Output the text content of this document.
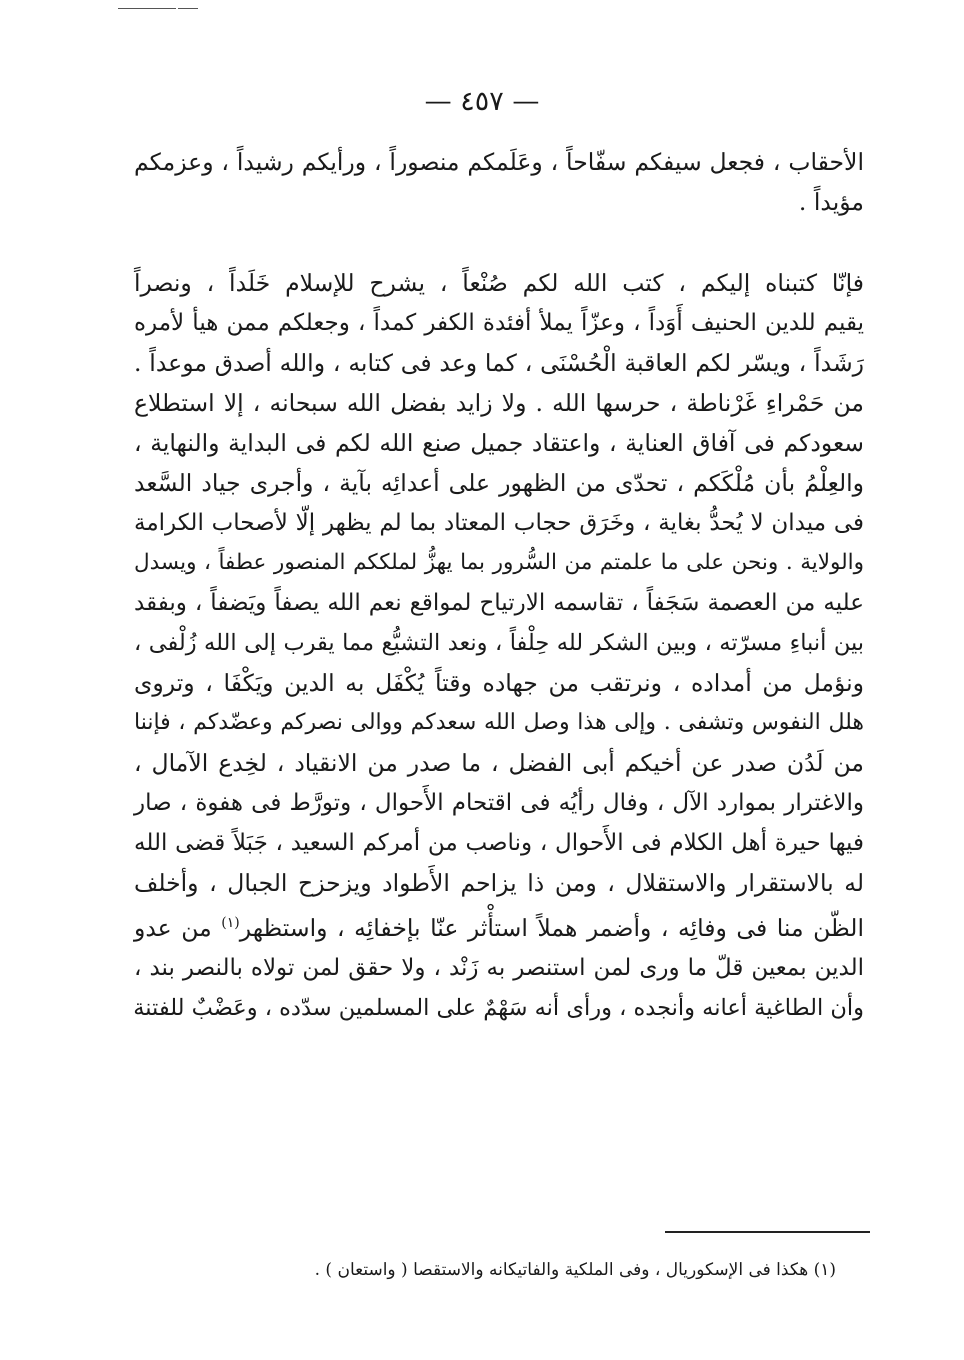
— ٤٥٧ —
الأحقاب ، فجعل سيفكم سفّاحاً ، وعَلَمكم منصوراً ، ورأيكم رشيداً ، وعزمكم
مؤيداً .
فإنّا كتبناه إليكم ، كتب الله لكم صُنْعاً ، يشرح للإسلام خَلَداً ، ونصراً
يقيم للدين الحنيف أَوَداً ، وعزّاً يملأ أفئدة الكفر كمداً ، وجعلكم ممن هيأ لأمره
رَشَداً ، ويسّر لكم العاقبة الْحُسْنَى ، كما وعد فى كتابه ، والله أصدق موعداً .
من حَمْراءِ غَرْناطة ، حرسها الله . ولا زايد بفضل الله سبحانه ، إلا استطلاع
سعودكم فى آفاق العناية ، واعتقاد جميل صنع الله لكم فى البداية والنهاية ،
والعِلْمُ بأن مُلْكَكم ، تحدّى من الظهور على أعدائِه بآية ، وأجرى جياد السَّعد
فى ميدان لا يُحدُّ بغاية ، وخَرَق حجاب المعتاد بما لم يظهر إلّا لأصحاب الكرامة
والولاية . ونحن على ما علمتم من السُّرور بما يهزُّ لملككم المنصور عطفاً ، ويسدل
عليه من العصمة سَجَفاً ، تقاسمه الارتياح لمواقع نعم الله يصفاً ويَضفاً ، وبفقد
بين أنباءِ مسرّته ، وبين الشكر لله حِلْفاً ، ونعد التشيُّع مما يقرب إلى الله زُلْفى ،
ونؤمل من أمداده ، ونرتقب من جهاده وقتاً يُكْفَل به الدين ويَكْفَا ، وتروى
هلل النفوس وتشفى . وإلى هذا وصل الله سعدكم ووالى نصركم وعضّدكم ، فإننا
من لَدُن صدر عن أخيكم أبى الفضل ، ما صدر من الانقياد ، لخِدع الآمال ،
والاغترار بموارد الآل ، وفال رأيُه فى اقتحام الأَحوال ، وتورَّط فى هفوة ، صار
فيها حيرة أهل الكلام فى الأَحوال ، وناصب من أمركم السعيد ، جَبَلاً قضى الله
له بالاستقرار والاستقلال ، ومن ذا يزاحم الأَطواد ويزحزح الجبال ، وأخلف
الظّن منا فى وفائِه ، وأضمر هملاً استأْثر عنّا بإخفائِه ، واستظهر$^{(١)}$ من عدو
الدين بمعين قلّ ما ورى لمن استنصر به زَنْد ، ولا حقق لمن تولاه بالنصر بند ،
وأن الطاغية أعانه وأنجده ، ورأى أنه سَهْمٌ على المسلمين سدّده ، وعَضْبٌ للفتنة
(١) هكذا فى الإسكوريال ، وفى الملكية والفاتيكانه والاستقصا ( واستعان ) .
